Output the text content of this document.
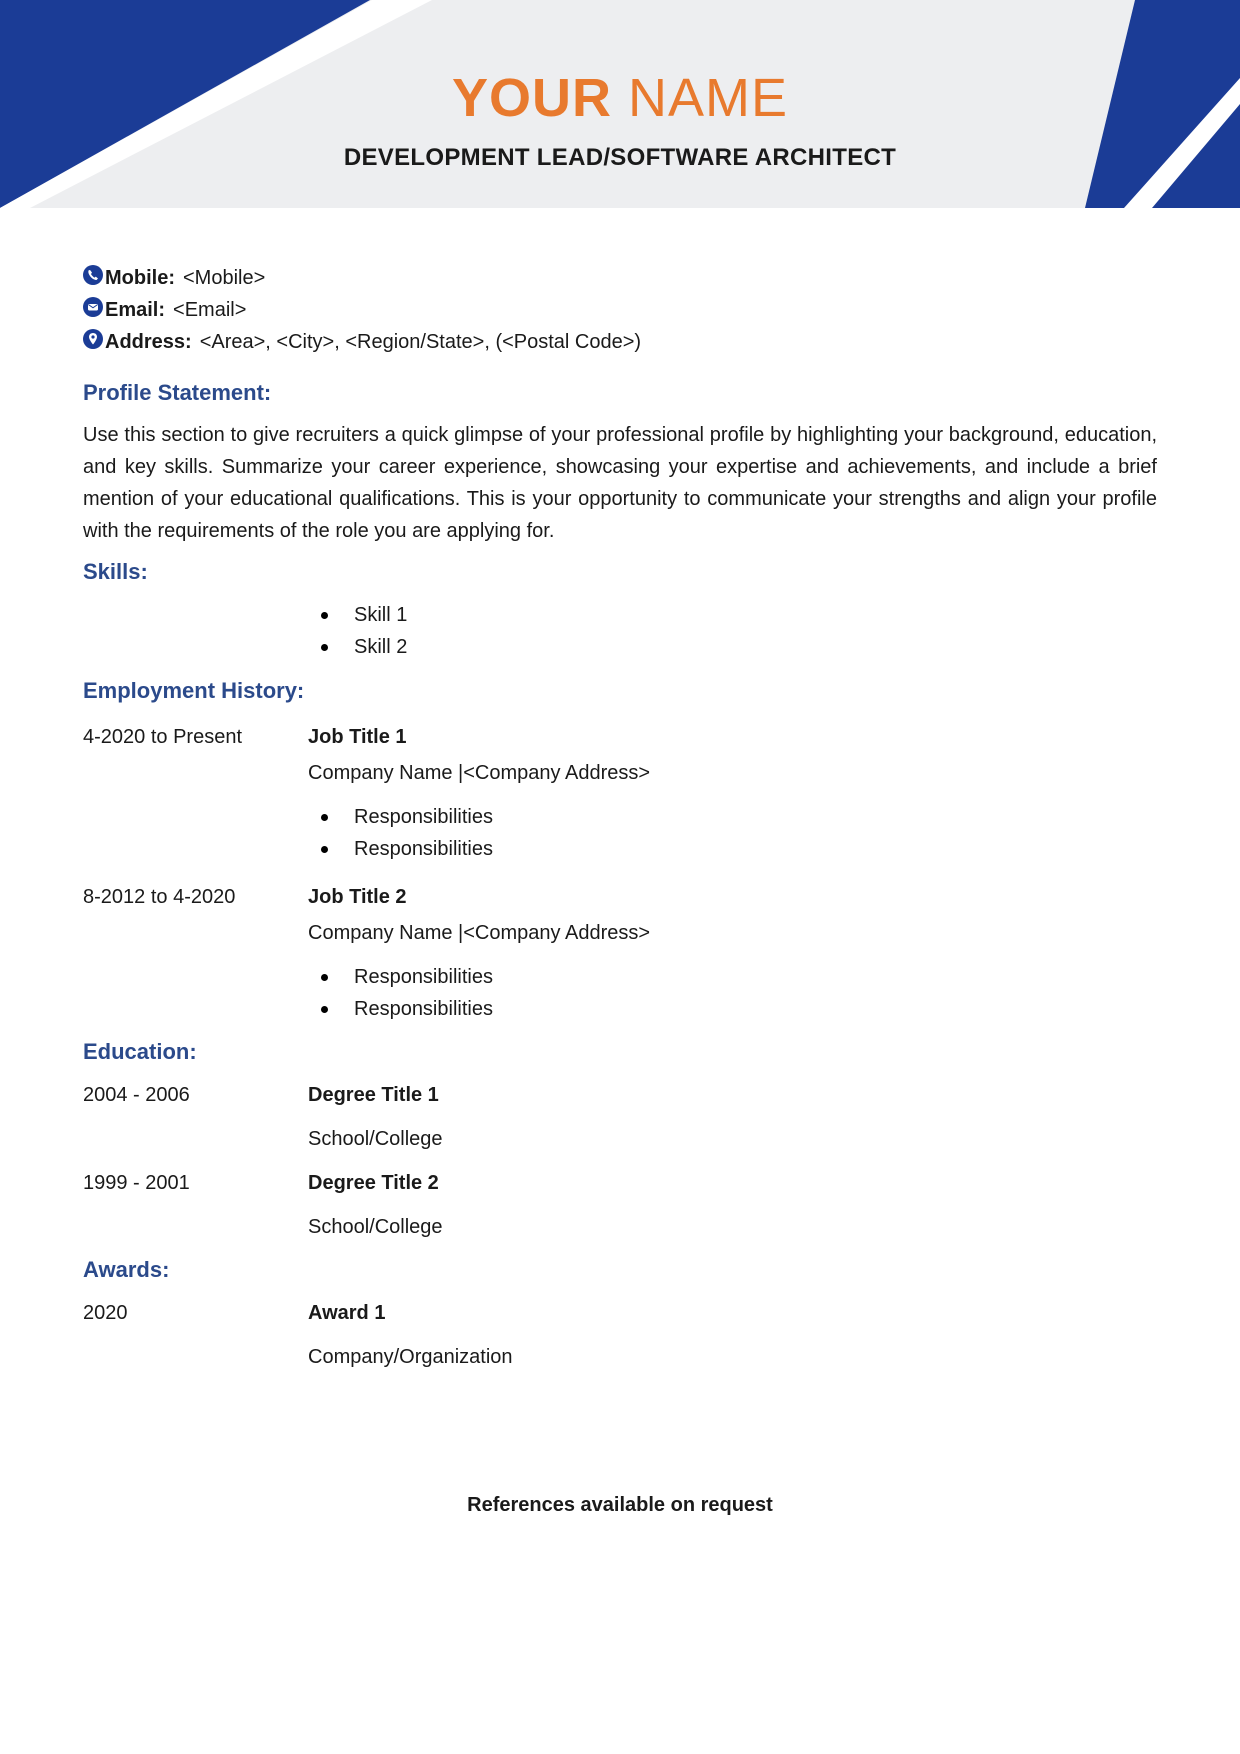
YOUR NAME
DEVELOPMENT LEAD/SOFTWARE ARCHITECT
Mobile: <Mobile>
Email: <Email>
Address: <Area>, <City>, <Region/State>, (<Postal Code>)
Profile Statement:

Use this section to give recruiters a quick glimpse of your professional profile by highlighting your background, education, and key skills. Summarize your career experience, showcasing your expertise and achievements, and include a brief mention of your educational qualifications. This is your opportunity to communicate your strengths and align your profile with the requirements of the role you are applying for.

Skills:
Skill 1
Skill 2
Employment History:
4-2020 to Present	Job Title 1
Company Name |<Company Address>
Responsibilities
Responsibilities
8-2012 to 4-2020	Job Title 2
Company Name |<Company Address>
Responsibilities
Responsibilities
Education:
2004 - 2006	Degree Title 1
School/College
1999 - 2001	Degree Title 2
School/College
Awards:
2020	Award 1
Company/Organization
References available on request
